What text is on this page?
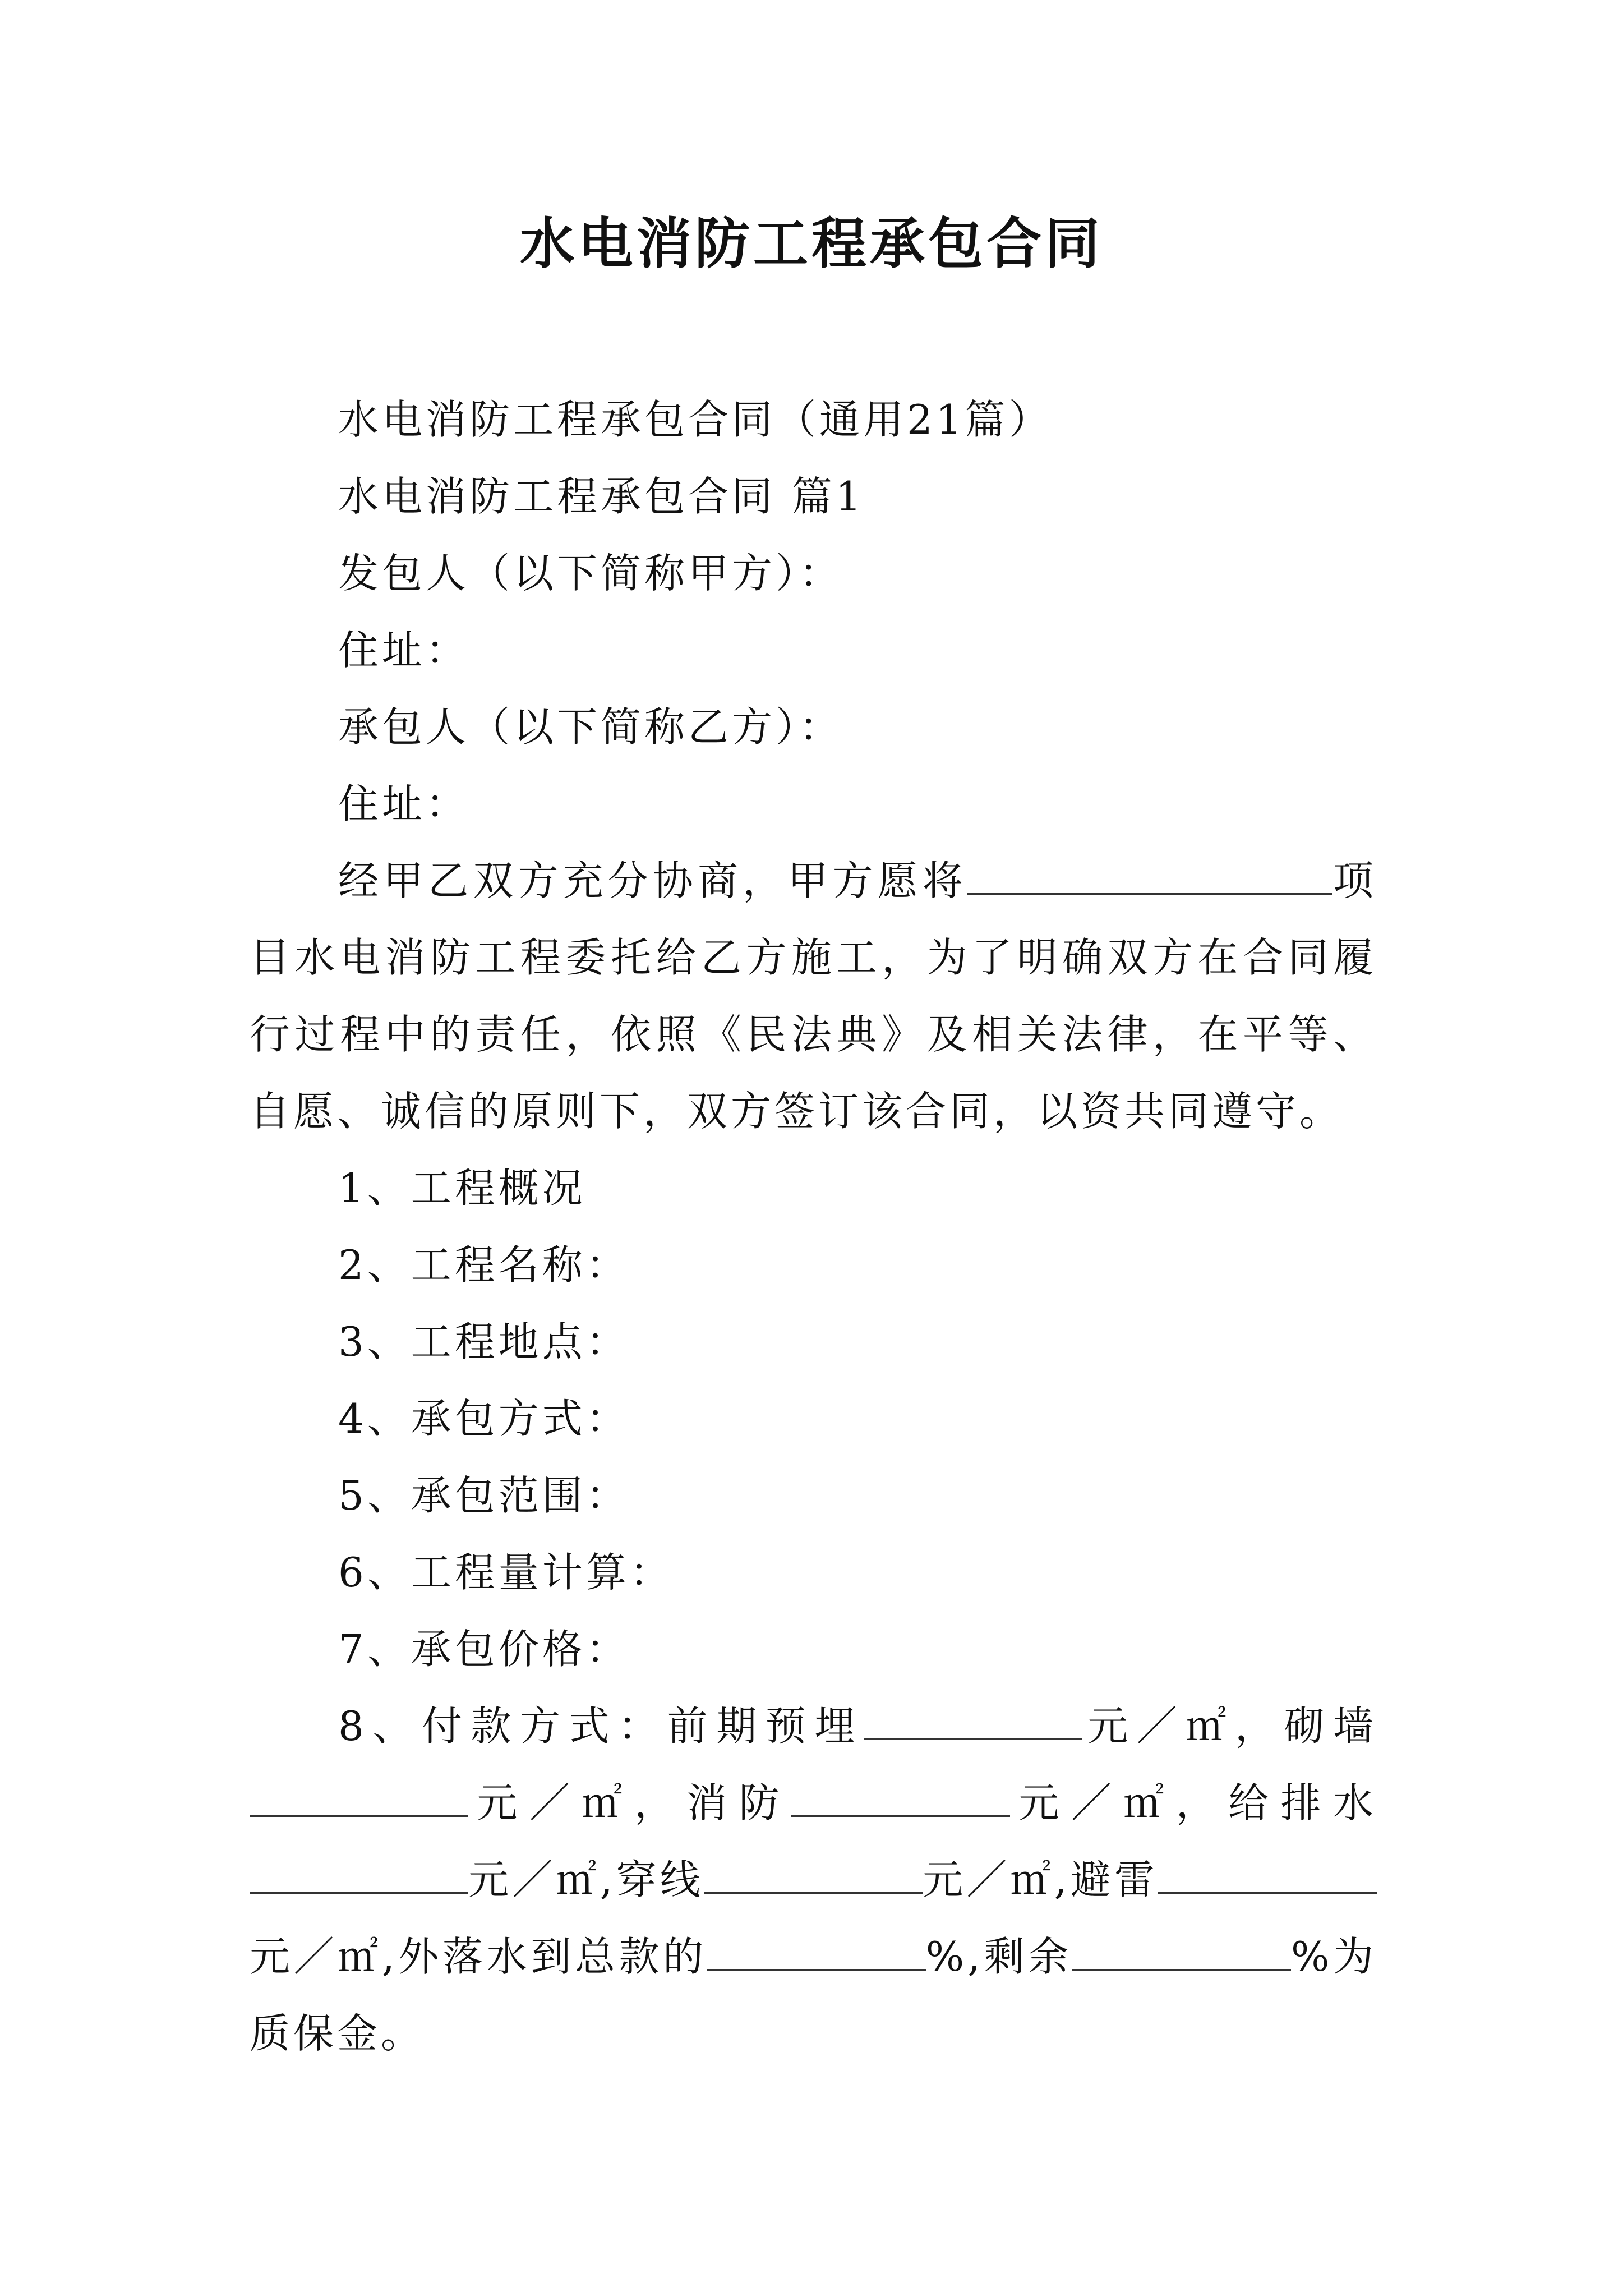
水电消防工程承包合同

水电消防工程承包合同（通用21篇）

水电消防工程承包合同 篇1

发包人（以下简称甲方）：

住址：

承包人（以下简称乙方）：

住址：

经甲乙双方充分协商，甲方愿将	项目水电消防工程委托给乙方施工，为了明确双方在合同履行过程中的责任，依照《民法典》及相关法律，在平等、自愿、诚信的原则下，双方签订该合同，以资共同遵守。

1、工程概况

2、工程名称：

3、工程地点：

4、承包方式：

5、承包范围：

6、工程量计算：

7、承包价格：

8、付款方式：前期预埋	元／㎡，砌墙元／㎡，消防	元／㎡，给排水元／㎡,穿线	元／㎡,避雷元／㎡,外落水到总款的	%,剩余	%为质保金。
